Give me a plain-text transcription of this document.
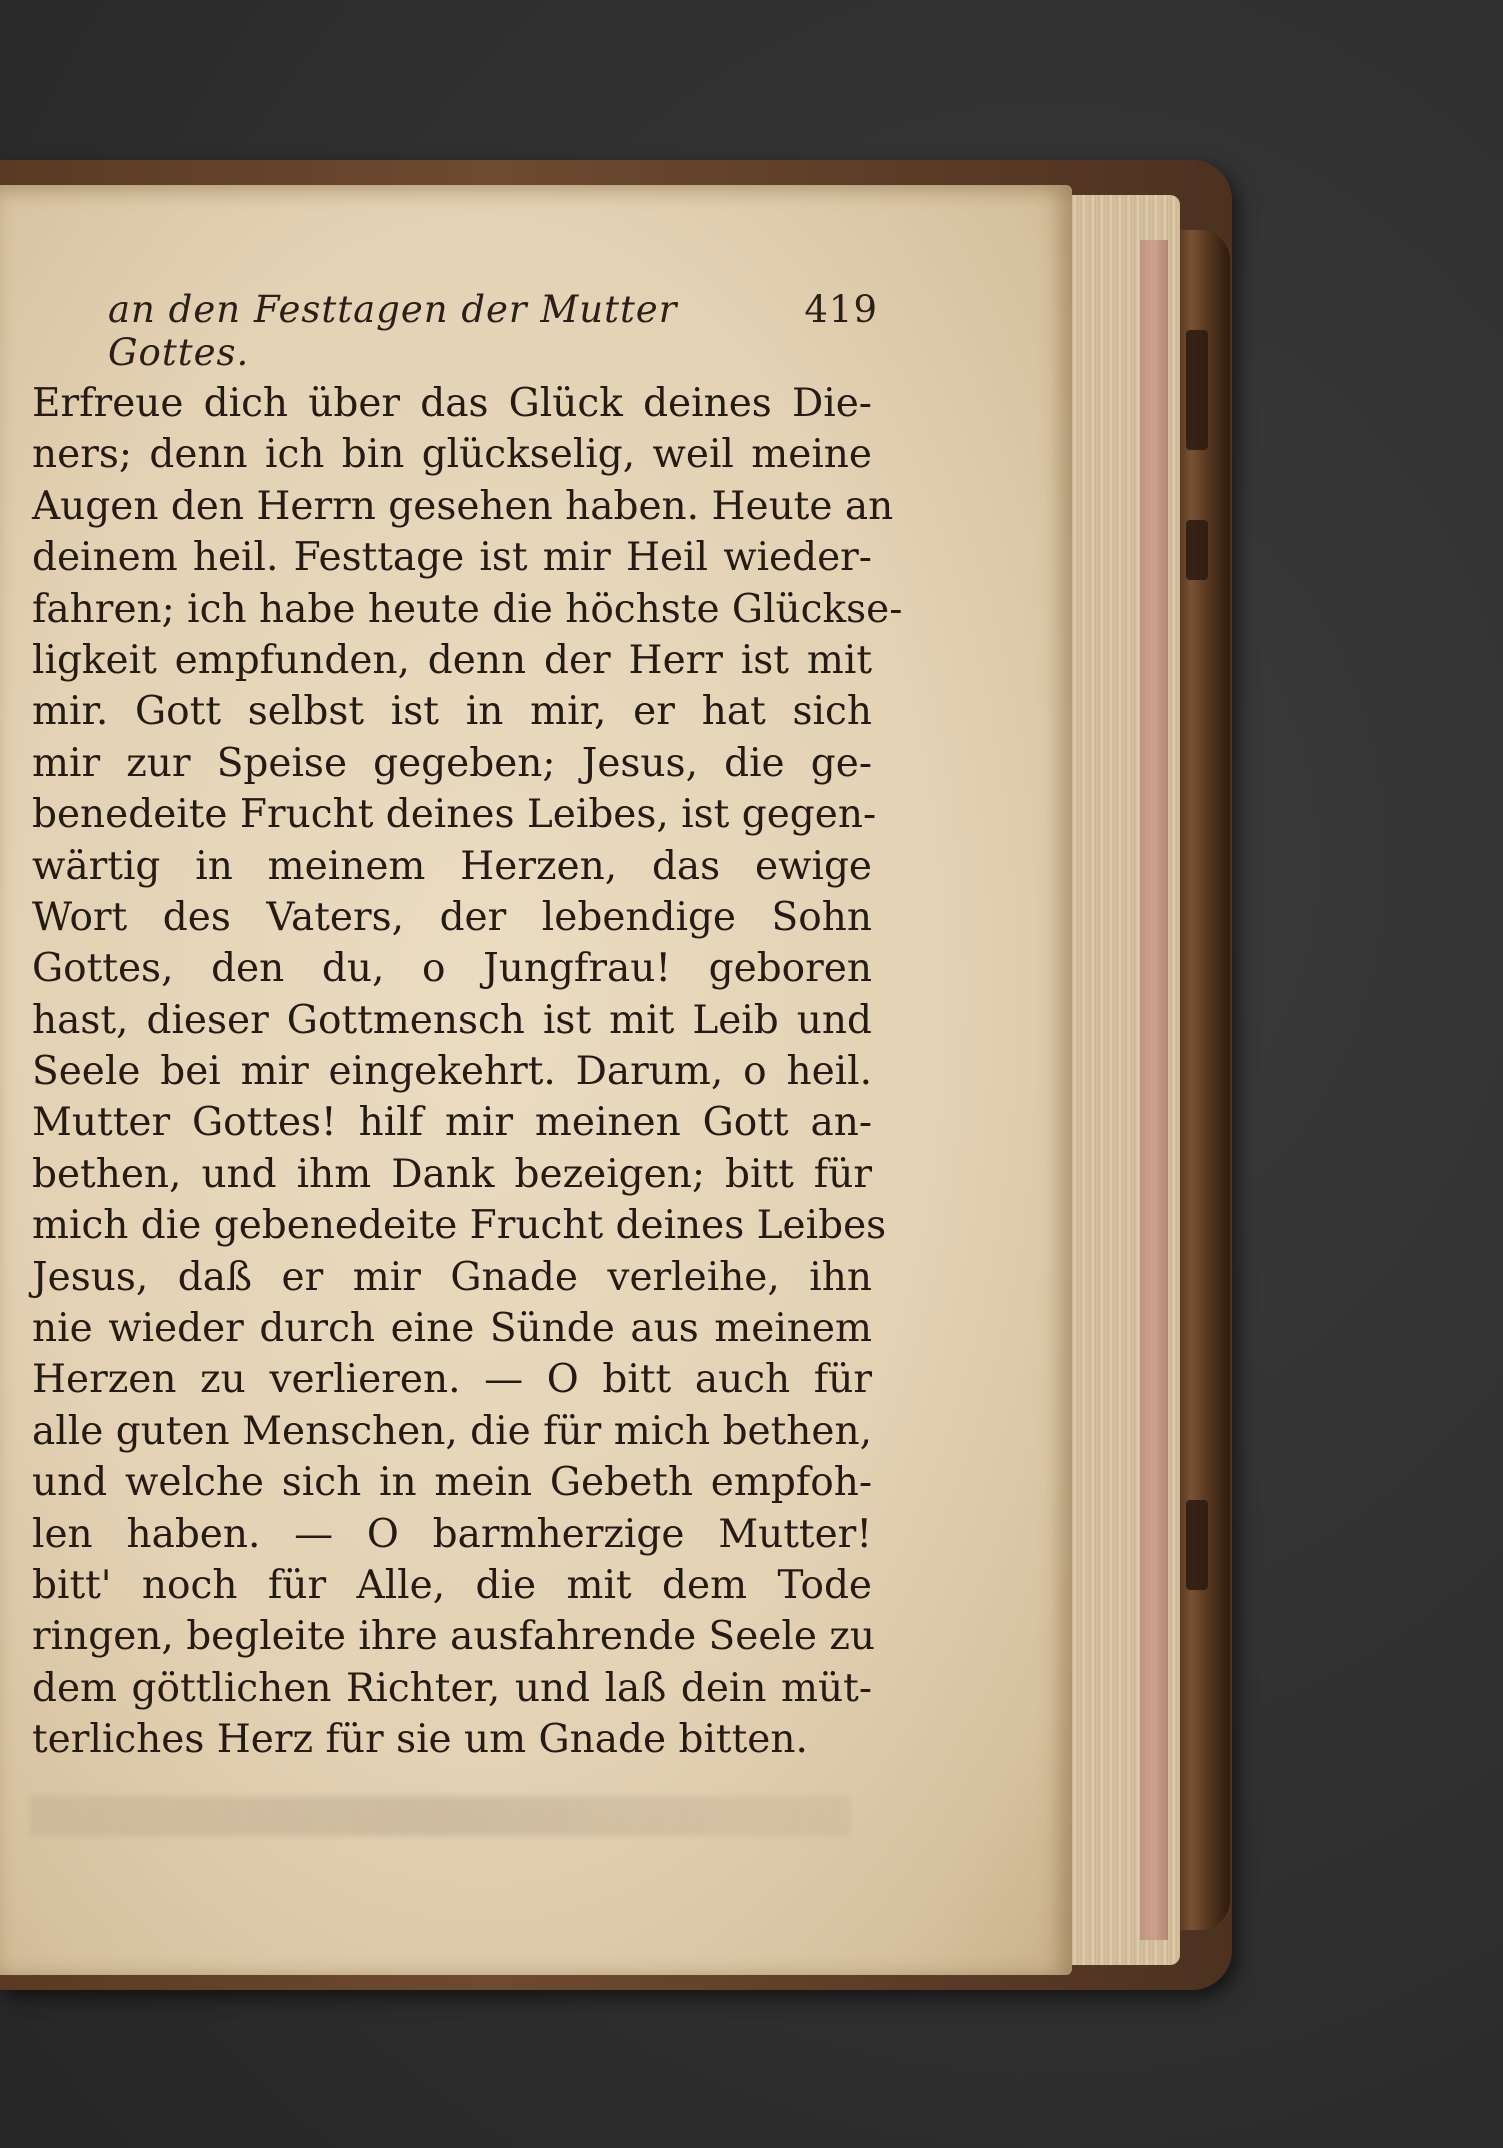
an den Festtagen der Mutter Gottes.
419
Erfreue dich über das Glück deines Die-
ners; denn ich bin glückselig, weil meine
Augen den Herrn gesehen haben. Heute an
deinem heil. Festtage ist mir Heil wieder-
fahren; ich habe heute die höchste Glückse-
ligkeit empfunden, denn der Herr ist mit
mir. Gott selbst ist in mir, er hat sich
mir zur Speise gegeben; Jesus, die ge-
benedeite Frucht deines Leibes, ist gegen-
wärtig in meinem Herzen, das ewige
Wort des Vaters, der lebendige Sohn
Gottes, den du, o Jungfrau! geboren
hast, dieser Gottmensch ist mit Leib und
Seele bei mir eingekehrt. Darum, o heil.
Mutter Gottes! hilf mir meinen Gott an-
bethen, und ihm Dank bezeigen; bitt für
mich die gebenedeite Frucht deines Leibes
Jesus, daß er mir Gnade verleihe, ihn
nie wieder durch eine Sünde aus meinem
Herzen zu verlieren. — O bitt auch für
alle guten Menschen, die für mich bethen,
und welche sich in mein Gebeth empfoh-
len haben. — O barmherzige Mutter!
bitt' noch für Alle, die mit dem Tode
ringen, begleite ihre ausfahrende Seele zu
dem göttlichen Richter, und laß dein müt-
terliches Herz für sie um Gnade bitten.
